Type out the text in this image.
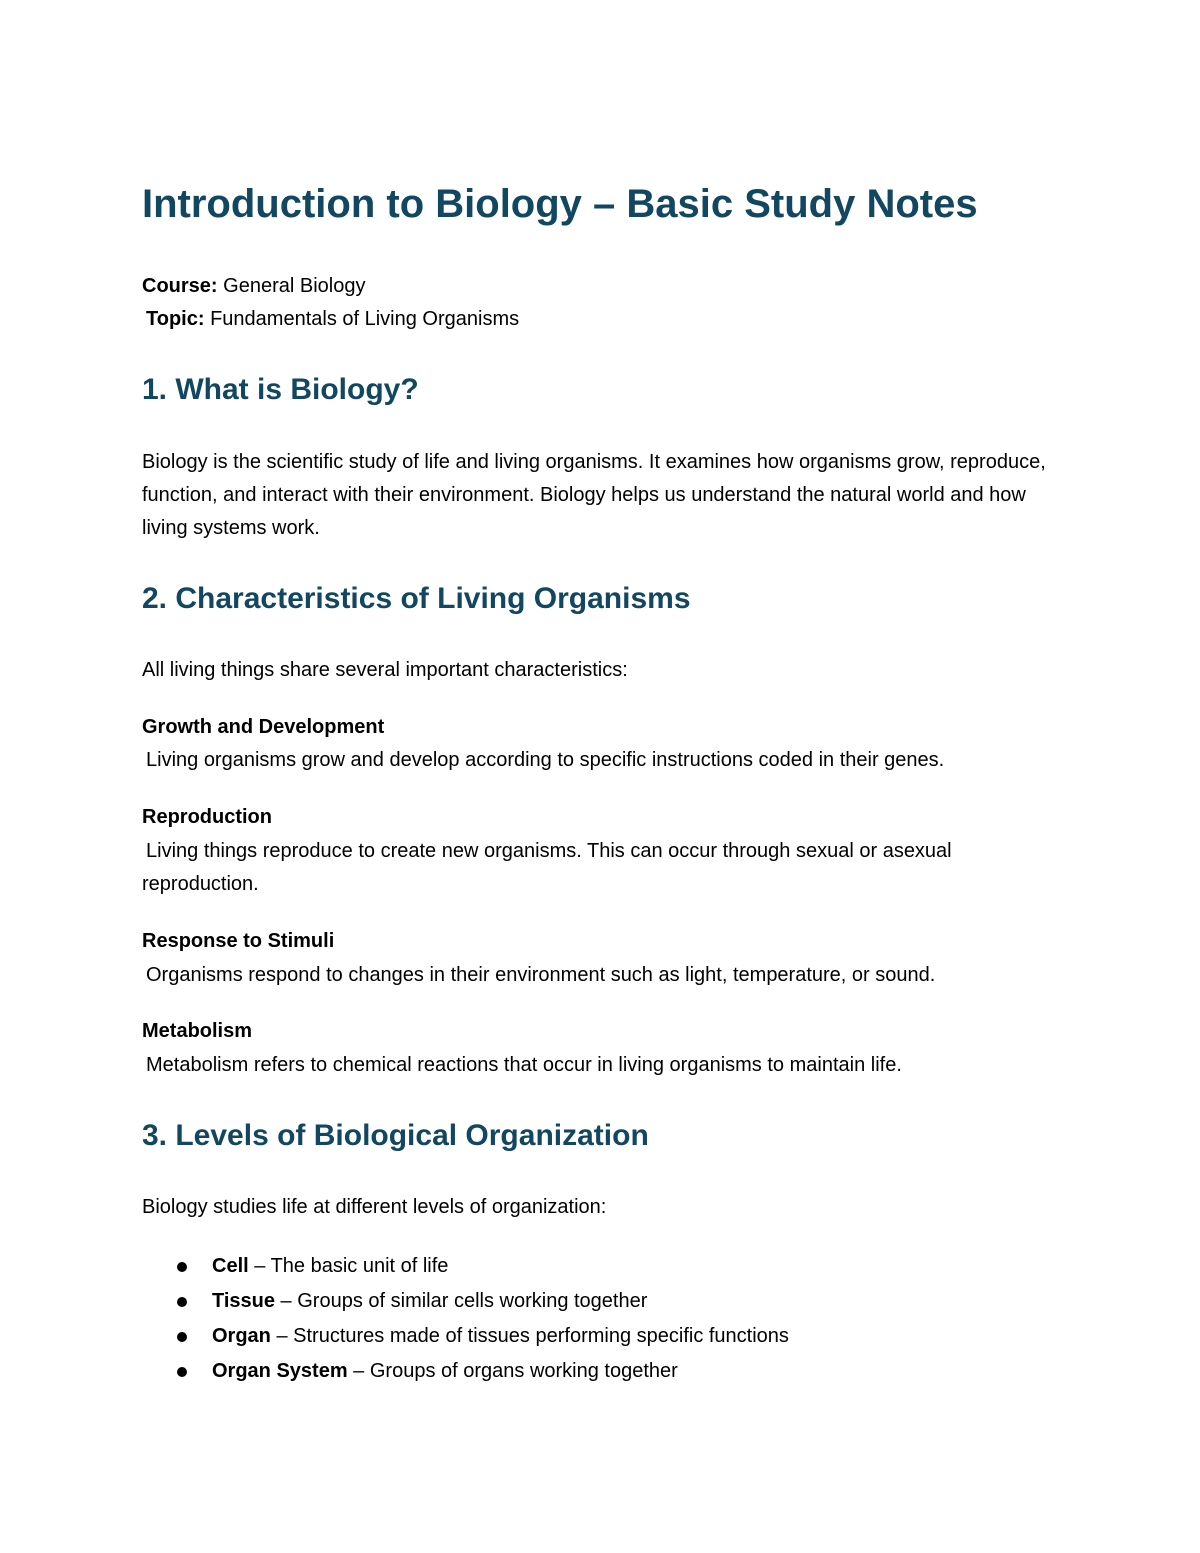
Introduction to Biology – Basic Study Notes
Course: General Biology
Topic: Fundamentals of Living Organisms
1. What is Biology?

Biology is the scientific study of life and living organisms. It examines how organisms grow, reproduce, function, and interact with their environment. Biology helps us understand the natural world and how living systems work.

2. Characteristics of Living Organisms

All living things share several important characteristics:

Growth and Development

Living organisms grow and develop according to specific instructions coded in their genes.

Reproduction

Living things reproduce to create new organisms. This can occur through sexual or asexual reproduction.

Response to Stimuli

Organisms respond to changes in their environment such as light, temperature, or sound.

Metabolism

Metabolism refers to chemical reactions that occur in living organisms to maintain life.

3. Levels of Biological Organization

Biology studies life at different levels of organization:

Cell – The basic unit of life
Tissue – Groups of similar cells working together
Organ – Structures made of tissues performing specific functions
Organ System – Groups of organs working together
